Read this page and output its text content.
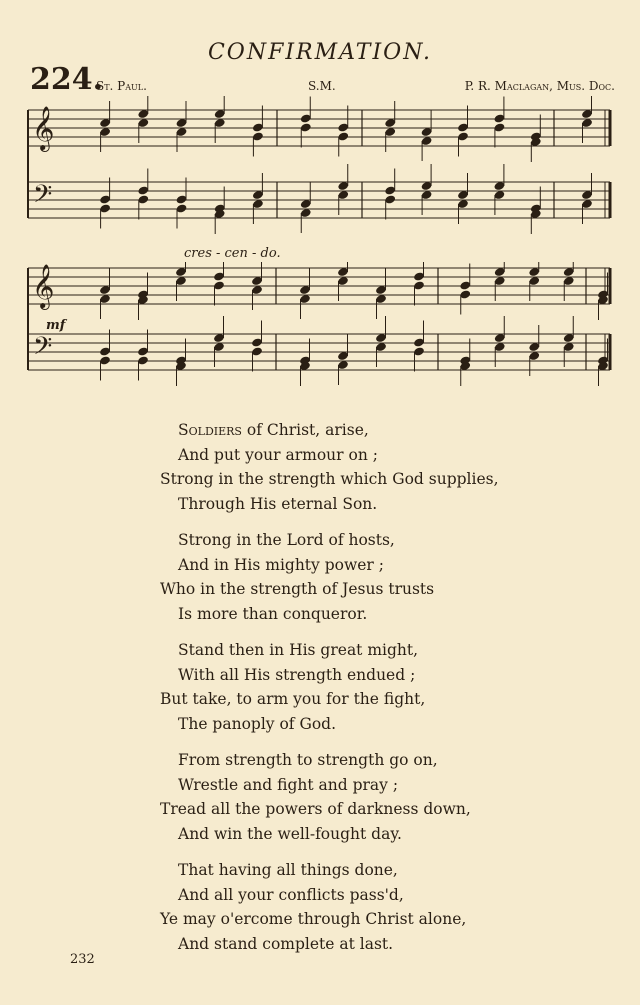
CONFIRMATION.
224.
St. Paul.	S.M.	P. R. Maclagan, Mus. Doc.
𝄞
𝄢
cres - cen - do.
mf
𝄞
𝄢
Soldiers of Christ, arise,
And put your armour on ;
Strong in the strength which God supplies,
Through His eternal Son.
Strong in the Lord of hosts,
And in His mighty power ;
Who in the strength of Jesus trusts
Is more than conqueror.
Stand then in His great might,
With all His strength endued ;
But take, to arm you for the fight,
The panoply of God.
From strength to strength go on,
Wrestle and fight and pray ;
Tread all the powers of darkness down,
And win the well-fought day.
That having all things done,
And all your conflicts pass'd,
Ye may o'ercome through Christ alone,
And stand complete at last.
232
